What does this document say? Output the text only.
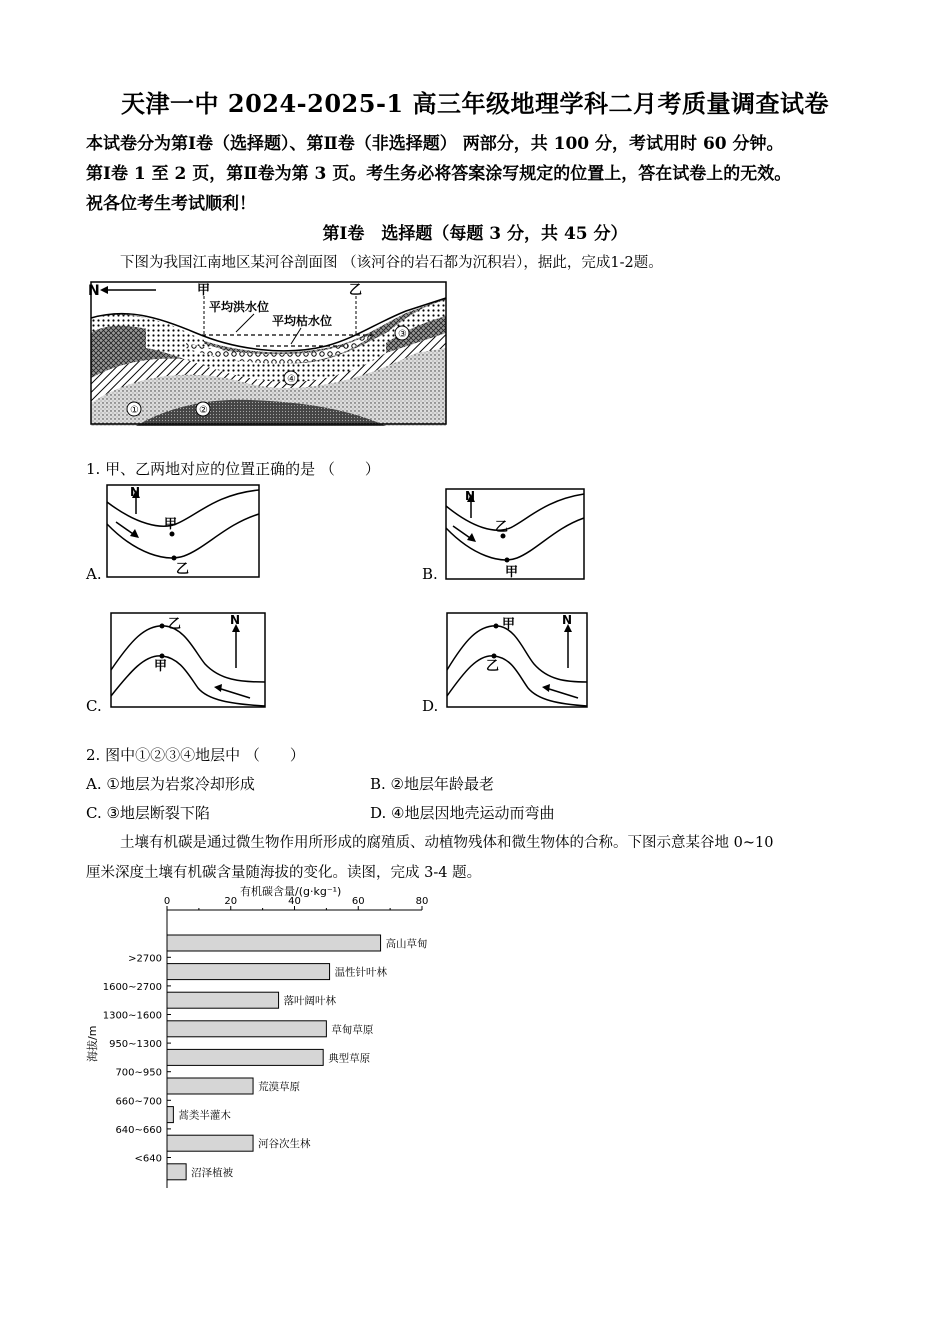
天津一中 2024-2025-1 高三年级地理学科二月考质量调查试卷
本试卷分为第Ⅰ卷（选择题）、第Ⅱ卷（非选择题） 两部分，共 100 分，考试用时 60 分钟。
第Ⅰ卷 1 至 2 页，第Ⅱ卷为第 3 页。考生务必将答案涂写规定的位置上，答在试卷上的无效。
祝各位考生考试顺利！
第Ⅰ卷　选择题（每题 3 分，共 45 分）
下图为我国江南地区某河谷剖面图 （该河谷的岩石都为沉积岩），据此，完成1-2题。
N	甲	乙
平均洪水位
平均枯水位
①	②
③
④
1. 甲、乙两地对应的位置正确的是 （　　）
N
甲
乙
A.
N
乙
甲
B.
N
乙
甲
C.
N
甲
乙
D.
2. 图中①②③④地层中 （　　）
A. ①地层为岩浆冷却形成	B. ②地层年龄最老
C. ③地层断裂下陷	D. ④地层因地壳运动而弯曲
土壤有机碳是通过微生物作用所形成的腐殖质、动植物残体和微生物体的合称。下图示意某谷地 0~10
厘米深度土壤有机碳含量随海拔的变化。读图，完成 3-4 题。
有机碳含量/(g·kg⁻¹)
0	20	40	60	80
海拔/m
高山草甸
温性针叶林
落叶阔叶林
草甸草原
典型草原
荒漠草原
蒿类半灌木
河谷次生林
沼泽植被
>2700
1600~2700
1300~1600
950~1300
700~950
660~700
640~660
<640
